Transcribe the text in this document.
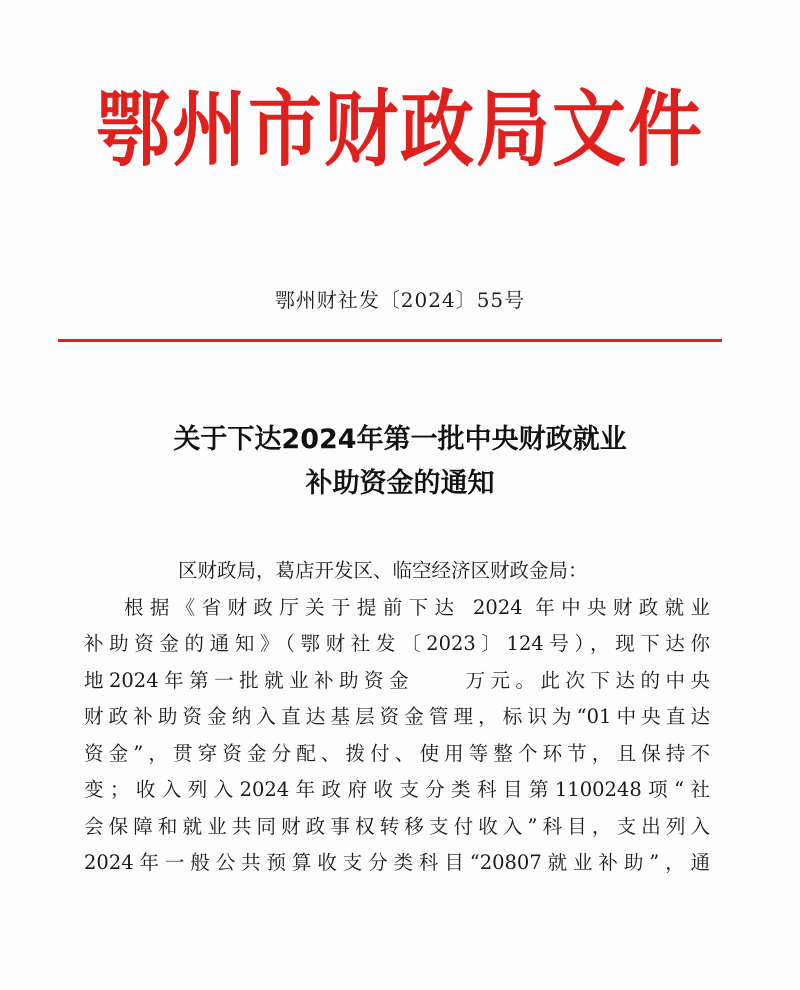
鄂州市财政局文件
鄂州财社发〔2024〕55号
关于下达2024年第一批中央财政就业
补助资金的通知
区财政局，葛店开发区、临空经济区财政金局：
根据《省财政厅关于提前下达 2024 年中央财政就业
补助资金的通知》（鄂财社发〔2023〕124号），现下达你
地2024年第一批就业补助资金 万元。此次下达的中央
财政补助资金纳入直达基层资金管理，标识为“01中央直达
资金”，贯穿资金分配、拨付、使用等整个环节，且保持不
变；收入列入2024年政府收支分类科目第1100248项“社
会保障和就业共同财政事权转移支付收入”科目，支出列入
2024年一般公共预算收支分类科目“20807就业补助”，通
